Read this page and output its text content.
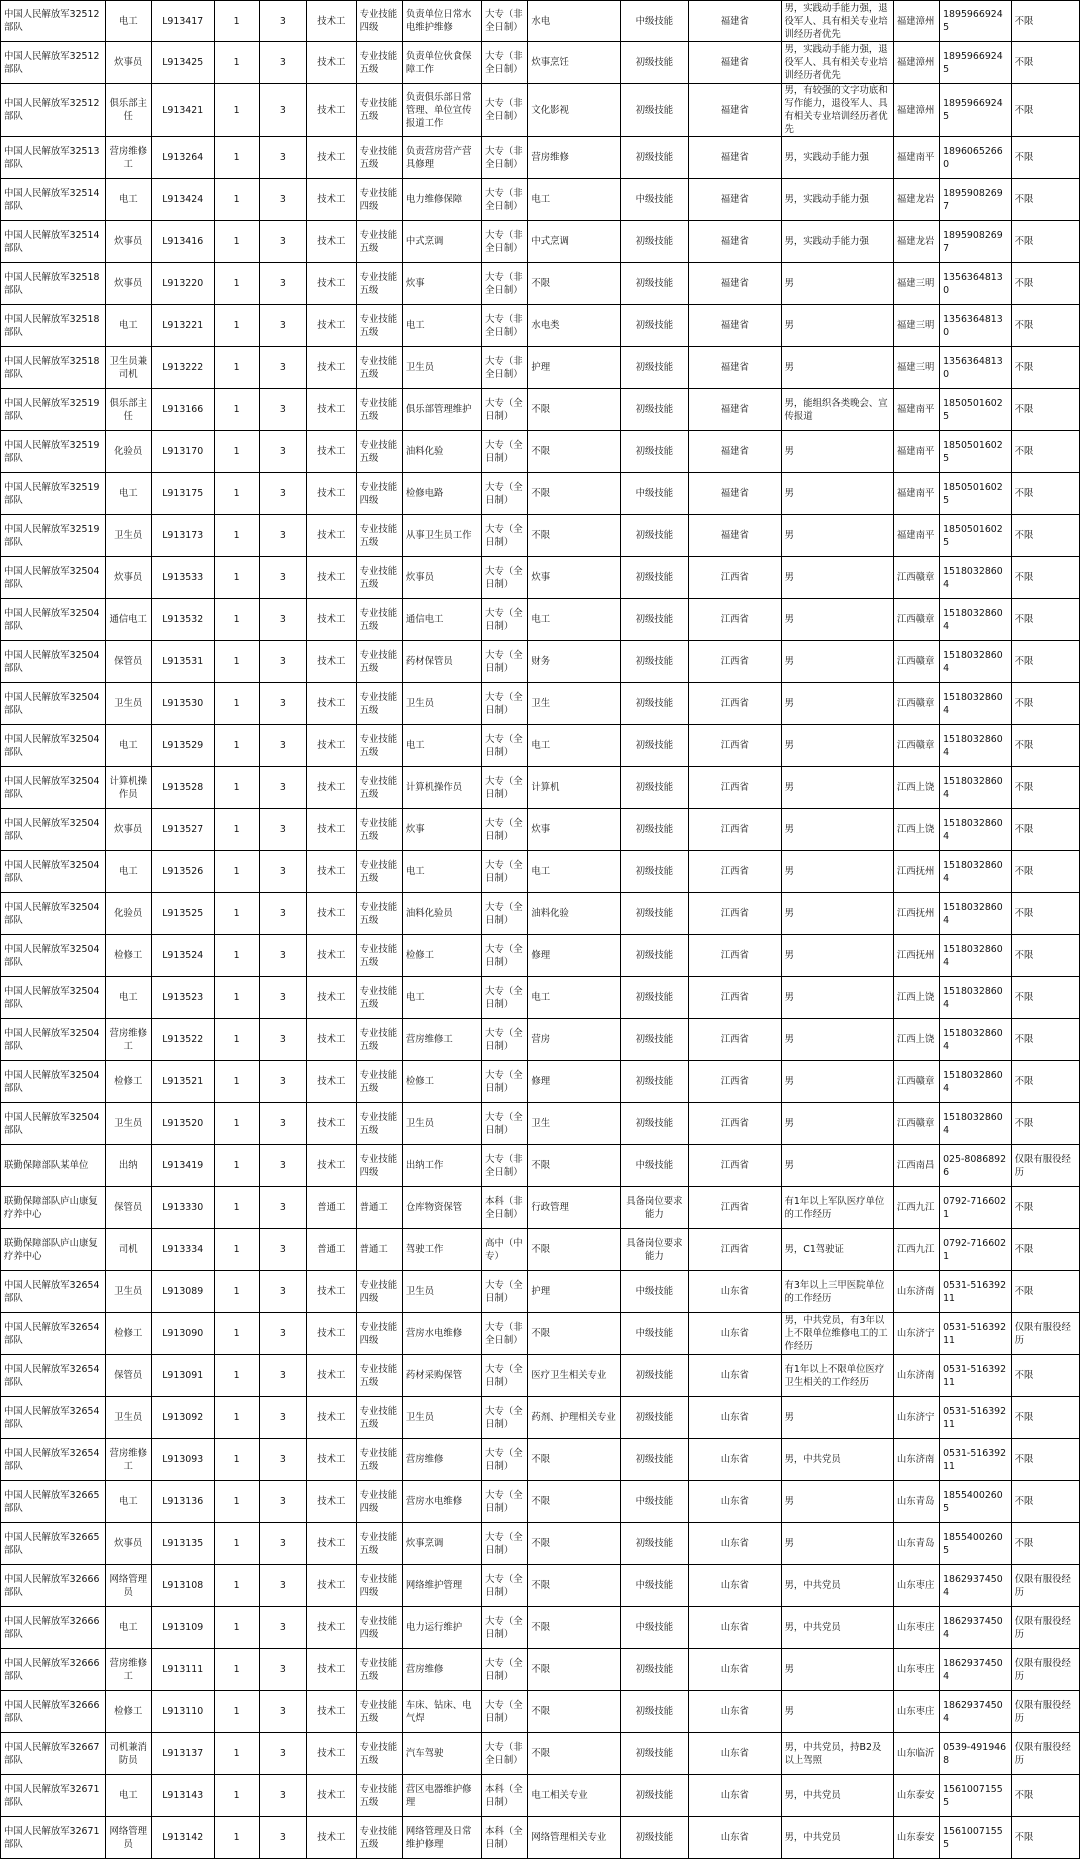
中国人民解放军32512部队	电工	L913417	1	3	技术工	专业技能四级	负责单位日常水电维护维修	大专（非全日制）	水电	中级技能	福建省	男，实践动手能力强，退役军人、具有相关专业培训经历者优先	福建漳州	18959669245	不限
中国人民解放军32512部队	炊事员	L913425	1	3	技术工	专业技能五级	负责单位伙食保障工作	大专（非全日制）	炊事烹饪	初级技能	福建省	男，实践动手能力强，退役军人、具有相关专业培训经历者优先	福建漳州	18959669245	不限
中国人民解放军32512部队	俱乐部主任	L913421	1	3	技术工	专业技能五级	负责俱乐部日常管理、单位宣传报道工作	大专（非全日制）	文化影视	初级技能	福建省	男，有较强的文字功底和写作能力，退役军人、具有相关专业培训经历者优先	福建漳州	18959669245	不限
中国人民解放军32513部队	营房维修工	L913264	1	3	技术工	专业技能五级	负责营房营产营具修理	大专（非全日制）	营房维修	初级技能	福建省	男，实践动手能力强	福建南平	18960652660	不限
中国人民解放军32514部队	电工	L913424	1	3	技术工	专业技能四级	电力维修保障	大专（非全日制）	电工	中级技能	福建省	男，实践动手能力强	福建龙岩	18959082697	不限
中国人民解放军32514部队	炊事员	L913416	1	3	技术工	专业技能五级	中式烹调	大专（非全日制）	中式烹调	初级技能	福建省	男，实践动手能力强	福建龙岩	18959082697	不限
中国人民解放军32518部队	炊事员	L913220	1	3	技术工	专业技能五级	炊事	大专（非全日制）	不限	初级技能	福建省	男	福建三明	13563648130	不限
中国人民解放军32518部队	电工	L913221	1	3	技术工	专业技能五级	电工	大专（非全日制）	水电类	初级技能	福建省	男	福建三明	13563648130	不限
中国人民解放军32518部队	卫生员兼司机	L913222	1	3	技术工	专业技能五级	卫生员	大专（非全日制）	护理	初级技能	福建省	男	福建三明	13563648130	不限
中国人民解放军32519部队	俱乐部主任	L913166	1	3	技术工	专业技能五级	俱乐部管理维护	大专（全日制）	不限	初级技能	福建省	男，能组织各类晚会、宣传报道	福建南平	18505016025	不限
中国人民解放军32519部队	化验员	L913170	1	3	技术工	专业技能五级	油料化验	大专（全日制）	不限	初级技能	福建省	男	福建南平	18505016025	不限
中国人民解放军32519部队	电工	L913175	1	3	技术工	专业技能四级	检修电路	大专（全日制）	不限	中级技能	福建省	男	福建南平	18505016025	不限
中国人民解放军32519部队	卫生员	L913173	1	3	技术工	专业技能五级	从事卫生员工作	大专（全日制）	不限	初级技能	福建省	男	福建南平	18505016025	不限
中国人民解放军32504部队	炊事员	L913533	1	3	技术工	专业技能五级	炊事员	大专（全日制）	炊事	初级技能	江西省	男	江西赣章	15180328604	不限
中国人民解放军32504部队	通信电工	L913532	1	3	技术工	专业技能五级	通信电工	大专（全日制）	电工	初级技能	江西省	男	江西赣章	15180328604	不限
中国人民解放军32504部队	保管员	L913531	1	3	技术工	专业技能五级	药材保管员	大专（全日制）	财务	初级技能	江西省	男	江西赣章	15180328604	不限
中国人民解放军32504部队	卫生员	L913530	1	3	技术工	专业技能五级	卫生员	大专（全日制）	卫生	初级技能	江西省	男	江西赣章	15180328604	不限
中国人民解放军32504部队	电工	L913529	1	3	技术工	专业技能五级	电工	大专（全日制）	电工	初级技能	江西省	男	江西赣章	15180328604	不限
中国人民解放军32504部队	计算机操作员	L913528	1	3	技术工	专业技能五级	计算机操作员	大专（全日制）	计算机	初级技能	江西省	男	江西上饶	15180328604	不限
中国人民解放军32504部队	炊事员	L913527	1	3	技术工	专业技能五级	炊事	大专（全日制）	炊事	初级技能	江西省	男	江西上饶	15180328604	不限
中国人民解放军32504部队	电工	L913526	1	3	技术工	专业技能五级	电工	大专（全日制）	电工	初级技能	江西省	男	江西抚州	15180328604	不限
中国人民解放军32504部队	化验员	L913525	1	3	技术工	专业技能五级	油料化验员	大专（全日制）	油料化验	初级技能	江西省	男	江西抚州	15180328604	不限
中国人民解放军32504部队	检修工	L913524	1	3	技术工	专业技能五级	检修工	大专（全日制）	修理	初级技能	江西省	男	江西抚州	15180328604	不限
中国人民解放军32504部队	电工	L913523	1	3	技术工	专业技能五级	电工	大专（全日制）	电工	初级技能	江西省	男	江西上饶	15180328604	不限
中国人民解放军32504部队	营房维修工	L913522	1	3	技术工	专业技能五级	营房维修工	大专（全日制）	营房	初级技能	江西省	男	江西上饶	15180328604	不限
中国人民解放军32504部队	检修工	L913521	1	3	技术工	专业技能五级	检修工	大专（全日制）	修理	初级技能	江西省	男	江西赣章	15180328604	不限
中国人民解放军32504部队	卫生员	L913520	1	3	技术工	专业技能五级	卫生员	大专（全日制）	卫生	初级技能	江西省	男	江西赣章	15180328604	不限
联勤保障部队某单位	出纳	L913419	1	3	技术工	专业技能四级	出纳工作	大专（非全日制）	不限	中级技能	江西省	男	江西南昌	025-80868926	仅限有服役经历
联勤保障部队庐山康复疗养中心	保管员	L913330	1	3	普通工	普通工	仓库物资保管	本科（非全日制）	行政管理	具备岗位要求能力	江西省	有1年以上军队医疗单位的工作经历	江西九江	0792-7166021	不限
联勤保障部队庐山康复疗养中心	司机	L913334	1	3	普通工	普通工	驾驶工作	高中（中专）	不限	具备岗位要求能力	江西省	男，C1驾驶证	江西九江	0792-7166021	不限
中国人民解放军32654部队	卫生员	L913089	1	3	技术工	专业技能四级	卫生员	大专（全日制）	护理	中级技能	山东省	有3年以上三甲医院单位的工作经历	山东济南	0531-51639211	不限
中国人民解放军32654部队	检修工	L913090	1	3	技术工	专业技能四级	营房水电维修	大专（非全日制）	不限	中级技能	山东省	男，中共党员，有3年以上不限单位维修电工的工作经历	山东济宁	0531-51639211	仅限有服役经历
中国人民解放军32654部队	保管员	L913091	1	3	技术工	专业技能五级	药材采购保管	大专（全日制）	医疗卫生相关专业	初级技能	山东省	有1年以上不限单位医疗卫生相关的工作经历	山东济南	0531-51639211	不限
中国人民解放军32654部队	卫生员	L913092	1	3	技术工	专业技能五级	卫生员	大专（全日制）	药剂、护理相关专业	初级技能	山东省	男	山东济宁	0531-51639211	不限
中国人民解放军32654部队	营房维修工	L913093	1	3	技术工	专业技能五级	营房维修	大专（全日制）	不限	初级技能	山东省	男，中共党员	山东济南	0531-51639211	不限
中国人民解放军32665部队	电工	L913136	1	3	技术工	专业技能四级	营房水电维修	大专（全日制）	不限	中级技能	山东省	男	山东青岛	18554002605	不限
中国人民解放军32665部队	炊事员	L913135	1	3	技术工	专业技能五级	炊事烹调	大专（全日制）	不限	初级技能	山东省	男	山东青岛	18554002605	不限
中国人民解放军32666部队	网络管理员	L913108	1	3	技术工	专业技能四级	网络维护管理	大专（全日制）	不限	中级技能	山东省	男，中共党员	山东枣庄	18629374504	仅限有服役经历
中国人民解放军32666部队	电工	L913109	1	3	技术工	专业技能四级	电力运行维护	大专（全日制）	不限	中级技能	山东省	男，中共党员	山东枣庄	18629374504	仅限有服役经历
中国人民解放军32666部队	营房维修工	L913111	1	3	技术工	专业技能五级	营房维修	大专（全日制）	不限	初级技能	山东省	男	山东枣庄	18629374504	仅限有服役经历
中国人民解放军32666部队	检修工	L913110	1	3	技术工	专业技能五级	车床、钻床、电气焊	大专（全日制）	不限	初级技能	山东省	男	山东枣庄	18629374504	仅限有服役经历
中国人民解放军32667部队	司机兼消防员	L913137	1	3	技术工	专业技能五级	汽车驾驶	大专（非全日制）	不限	初级技能	山东省	男，中共党员，持B2及以上驾照	山东临沂	0539-4919468	仅限有服役经历
中国人民解放军32671部队	电工	L913143	1	3	技术工	专业技能五级	营区电器维护修理	本科（全日制）	电工相关专业	初级技能	山东省	男，中共党员	山东泰安	15610071555	不限
中国人民解放军32671部队	网络管理员	L913142	1	3	技术工	专业技能五级	网络管理及日常维护修理	本科（全日制）	网络管理相关专业	初级技能	山东省	男，中共党员	山东泰安	15610071555	不限
